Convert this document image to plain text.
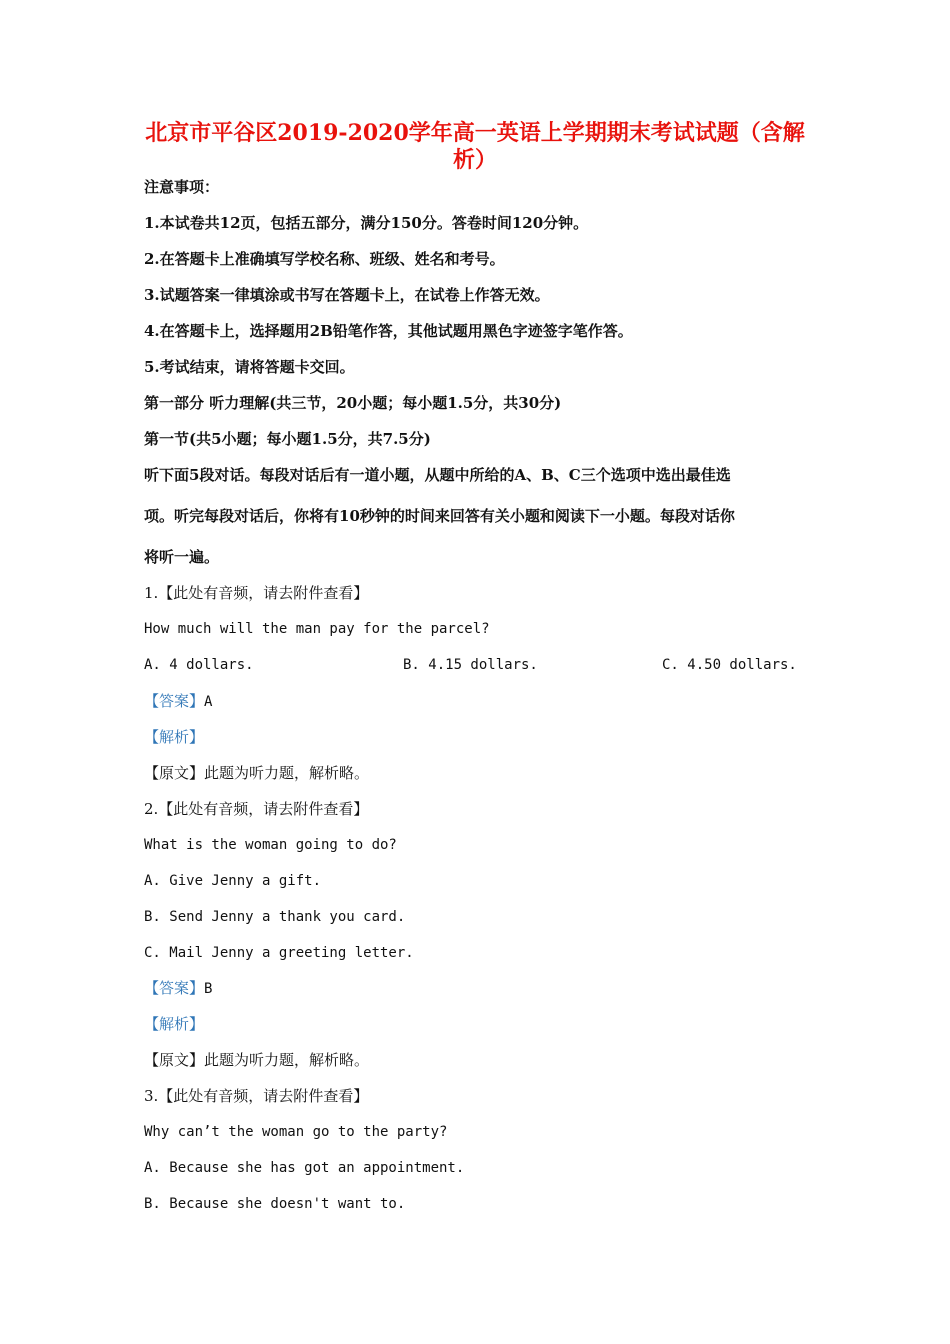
北京市平谷区2019-2020学年高一英语上学期期末考试试题（含解
析）
注意事项：
1.本试卷共12页，包括五部分，满分150分。答卷时间120分钟。
2.在答题卡上准确填写学校名称、班级、姓名和考号。
3.试题答案一律填涂或书写在答题卡上，在试卷上作答无效。
4.在答题卡上，选择题用2B铅笔作答，其他试题用黑色字迹签字笔作答。
5.考试结束，请将答题卡交回。
第一部分 听力理解(共三节，20小题；每小题1.5分，共30分)
第一节(共5小题；每小题1.5分，共7.5分)
听下面5段对话。每段对话后有一道小题，从题中所给的A、B、C三个选项中选出最佳选
项。听完每段对话后，你将有10秒钟的时间来回答有关小题和阅读下一小题。每段对话你
将听一遍。
1.【此处有音频，请去附件查看】
How much will the man pay for the parcel?
A. 4 dollars.	B. 4.15 dollars.	C. 4.50 dollars.
【答案】A
【解析】
【原文】此题为听力题，解析略。
2.【此处有音频，请去附件查看】
What is the woman going to do?
A. Give Jenny a gift.
B. Send Jenny a thank you card.
C. Mail Jenny a greeting letter.
【答案】B
【解析】
【原文】此题为听力题，解析略。
3.【此处有音频，请去附件查看】
Why can’t the woman go to the party?
A. Because she has got an appointment.
B. Because she doesn't want to.
